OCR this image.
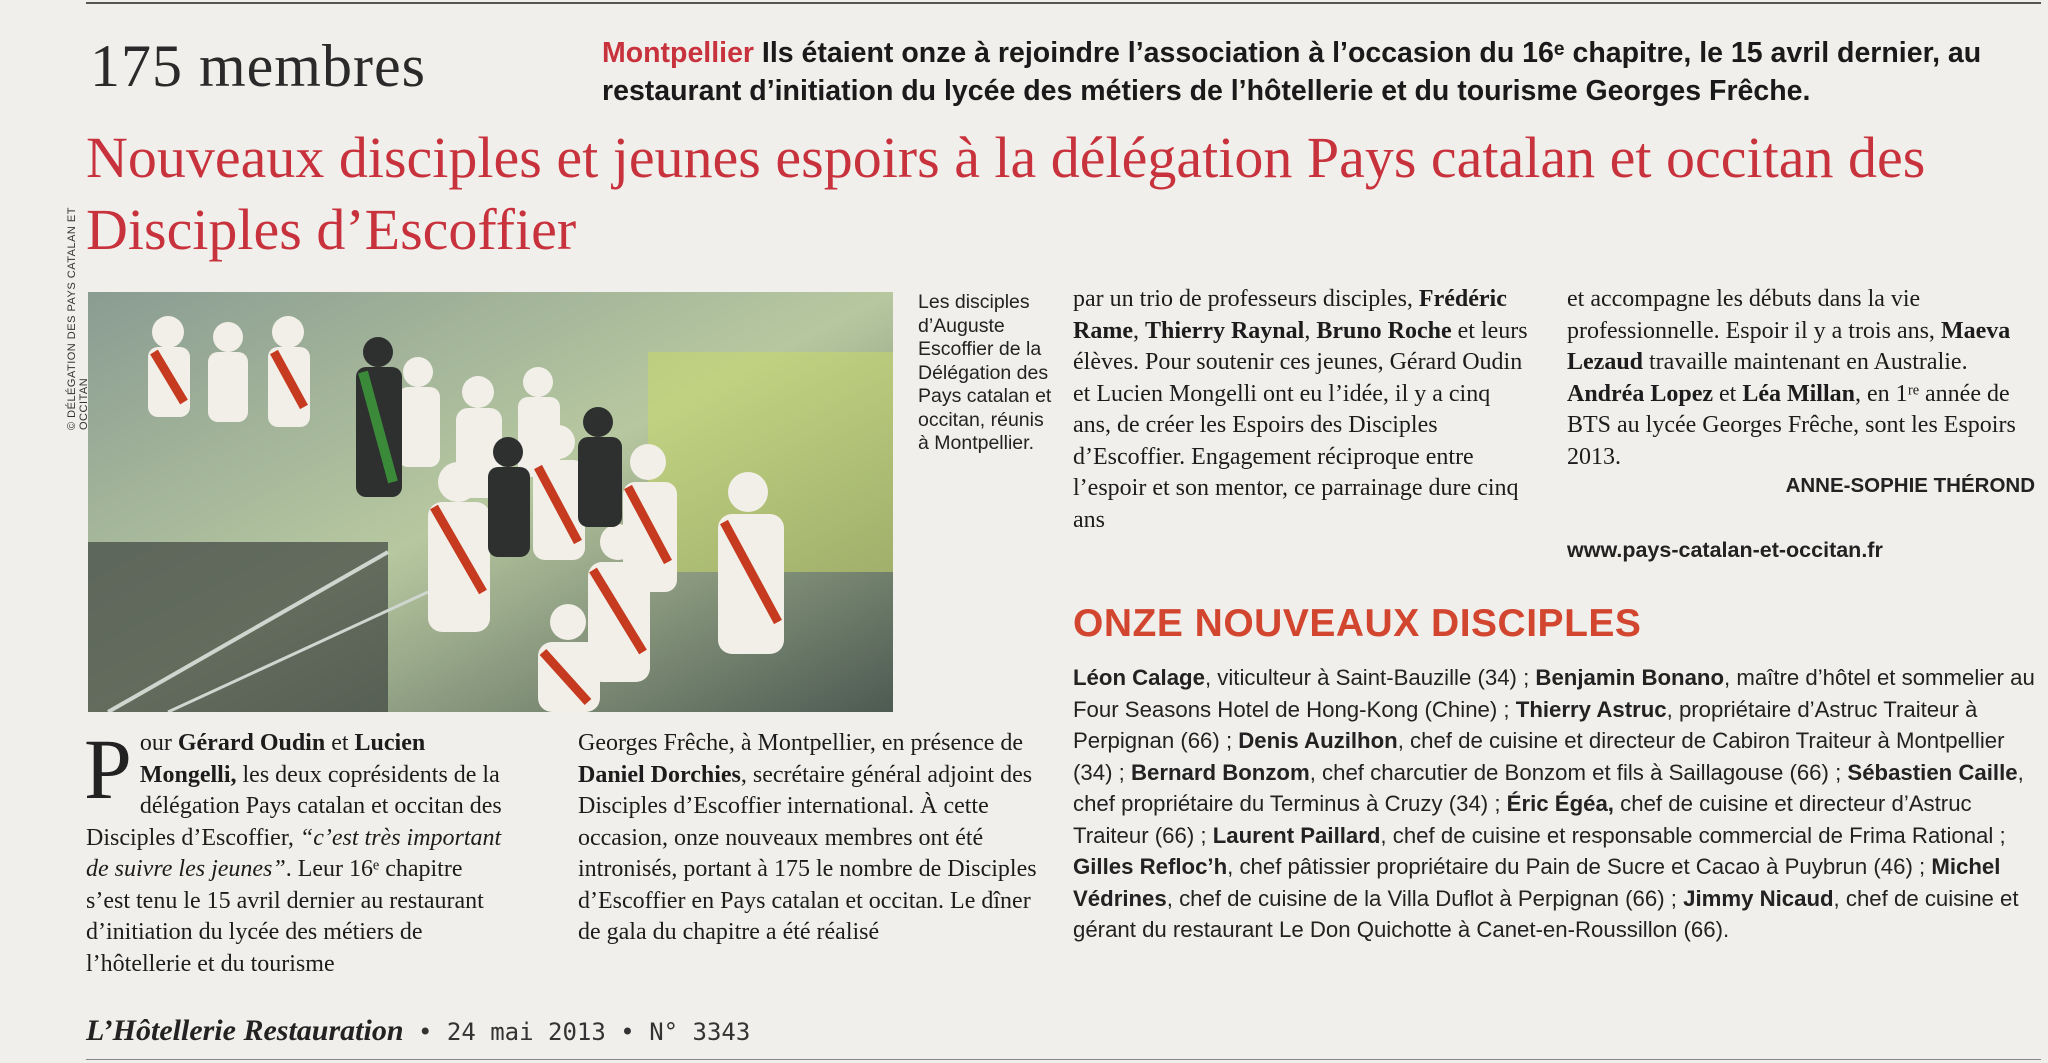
175 membres	Montpellier Ils étaient onze à rejoindre l’association à l’occasion du 16ᵉ chapitre, le 15 avril dernier, au restaurant d’initiation du lycée des métiers de l’hôtellerie et du tourisme Georges Frêche.
Nouveaux disciples et jeunes espoirs à la délégation Pays catalan et occitan des Disciples d’Escoffier
© DÉLÉGATION DES PAYS CATALAN ET OCCITAN
Les disciples d’Auguste Escoffier de la Délégation des Pays catalan et occitan, réunis à Montpellier.
Pour Gérard Oudin et Lucien Mongelli, les deux coprésidents de la délégation Pays catalan et occitan des Disciples d’Escoffier, “c’est très important de suivre les jeunes”. Leur 16ᵉ chapitre s’est tenu le 15 avril dernier au restaurant d’initiation du lycée des métiers de l’hôtellerie et du tourisme
Georges Frêche, à Montpellier, en présence de Daniel Dorchies, secrétaire général adjoint des Disciples d’Escoffier international. À cette occasion, onze nouveaux membres ont été intronisés, portant à 175 le nombre de Disciples d’Escoffier en Pays catalan et occitan. Le dîner de gala du chapitre a été réalisé
par un trio de professeurs disciples, Frédéric Rame, Thierry Raynal, Bruno Roche et leurs élèves. Pour soutenir ces jeunes, Gérard Oudin et Lucien Mongelli ont eu l’idée, il y a cinq ans, de créer les Espoirs des Disciples d’Escoffier. Engagement réciproque entre l’espoir et son mentor, ce parrainage dure cinq ans
et accompagne les débuts dans la vie professionnelle. Espoir il y a trois ans, Maeva Lezaud travaille maintenant en Australie. Andréa Lopez et Léa Millan, en 1ʳᵉ année de BTS au lycée Georges Frêche, sont les Espoirs 2013.
ANNE-SOPHIE THÉROND
www.pays-catalan-et-occitan.fr
ONZE NOUVEAUX DISCIPLES
Léon Calage, viticulteur à Saint-Bauzille (34) ; Benjamin Bonano, maître d’hôtel et sommelier au Four Seasons Hotel de Hong-Kong (Chine) ; Thierry Astruc, propriétaire d’Astruc Traiteur à Perpignan (66) ; Denis Auzilhon, chef de cuisine et directeur de Cabiron Traiteur à Montpellier (34) ; Bernard Bonzom, chef charcutier de Bonzom et fils à Saillagouse (66) ; Sébastien Caille, chef propriétaire du Terminus à Cruzy (34) ; Éric Égéa, chef de cuisine et directeur d’Astruc Traiteur (66) ; Laurent Paillard, chef de cuisine et responsable commercial de Frima Rational ; Gilles Refloc’h, chef pâtissier propriétaire du Pain de Sucre et Cacao à Puybrun (46) ; Michel Védrines, chef de cuisine de la Villa Duflot à Perpignan (66) ; Jimmy Nicaud, chef de cuisine et gérant du restaurant Le Don Quichotte à Canet-en-Roussillon (66).
L’Hôtellerie Restauration • 24 mai 2013 • N° 3343
